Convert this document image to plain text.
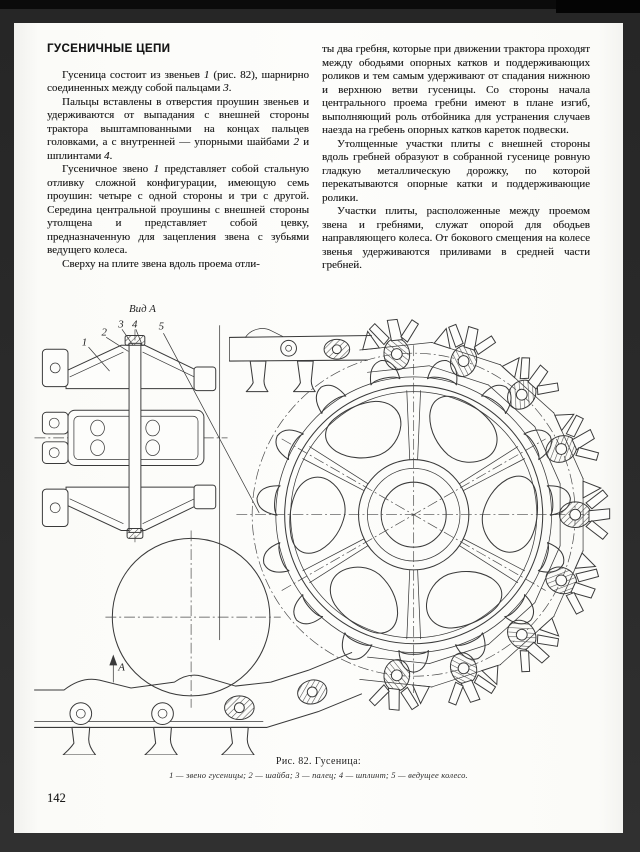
ГУСЕНИЧНЫЕ ЦЕПИ

Гусеница состоит из звеньев 1 (рис. 82), шарнирно соединенных между собой пальцами 3.

Пальцы вставлены в отверстия проушин звеньев и удерживаются от выпадания с внешней стороны трактора выштампованными на концах пальцев головками, а с внутренней — упорными шайбами 2 и шплинтами 4.

Гусеничное звено 1 представляет собой стальную отливку сложной конфигурации, имеющую семь проушин: четыре с одной стороны и три с другой. Середина центральной проушины с внешней стороны утолщена и представляет собой цевку, предназначенную для зацепления звена с зубьями ведущего колеса.

Сверху на плите звена вдоль проема отли-

ты два гребня, которые при движении трактора проходят между ободьями опорных катков и поддерживающих роликов и тем самым удерживают от спадания нижнюю и верхнюю ветви гусеницы. Со стороны начала центрального проема гребни имеют в плане изгиб, выполняющий роль отбойника для устранения случаев наезда на гребень опорных катков кареток подвески.

Утолщенные участки плиты с внешней стороны вдоль гребней образуют в собранной гусенице ровную гладкую металлическую дорожку, по которой перекатываются опорные катки и поддерживающие ролики.

Участки плиты, расположенные между проемом звена и гребнями, служат опорой для ободьев направляющего колеса. От бокового смещения на колесе звенья удерживаются приливами в средней части гребней.

Вид А
1
2
3 4 5
А
Рис. 82. Гусеница:
1 — звено гусеницы; 2 — шайба; 3 — палец; 4 — шплинт; 5 — ведущее колесо.
142
